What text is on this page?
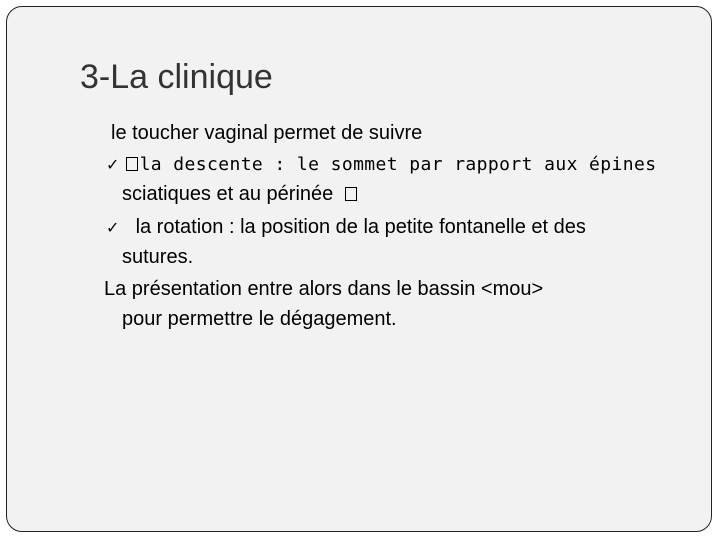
3-La clinique
le toucher vaginal permet de suivre
✓ la descente : le sommet par rapport aux épines
sciatiques et au périnée
✓ la rotation : la position de la petite fontanelle et des
sutures.
La présentation entre alors dans le bassin <mou>
pour permettre le dégagement.
